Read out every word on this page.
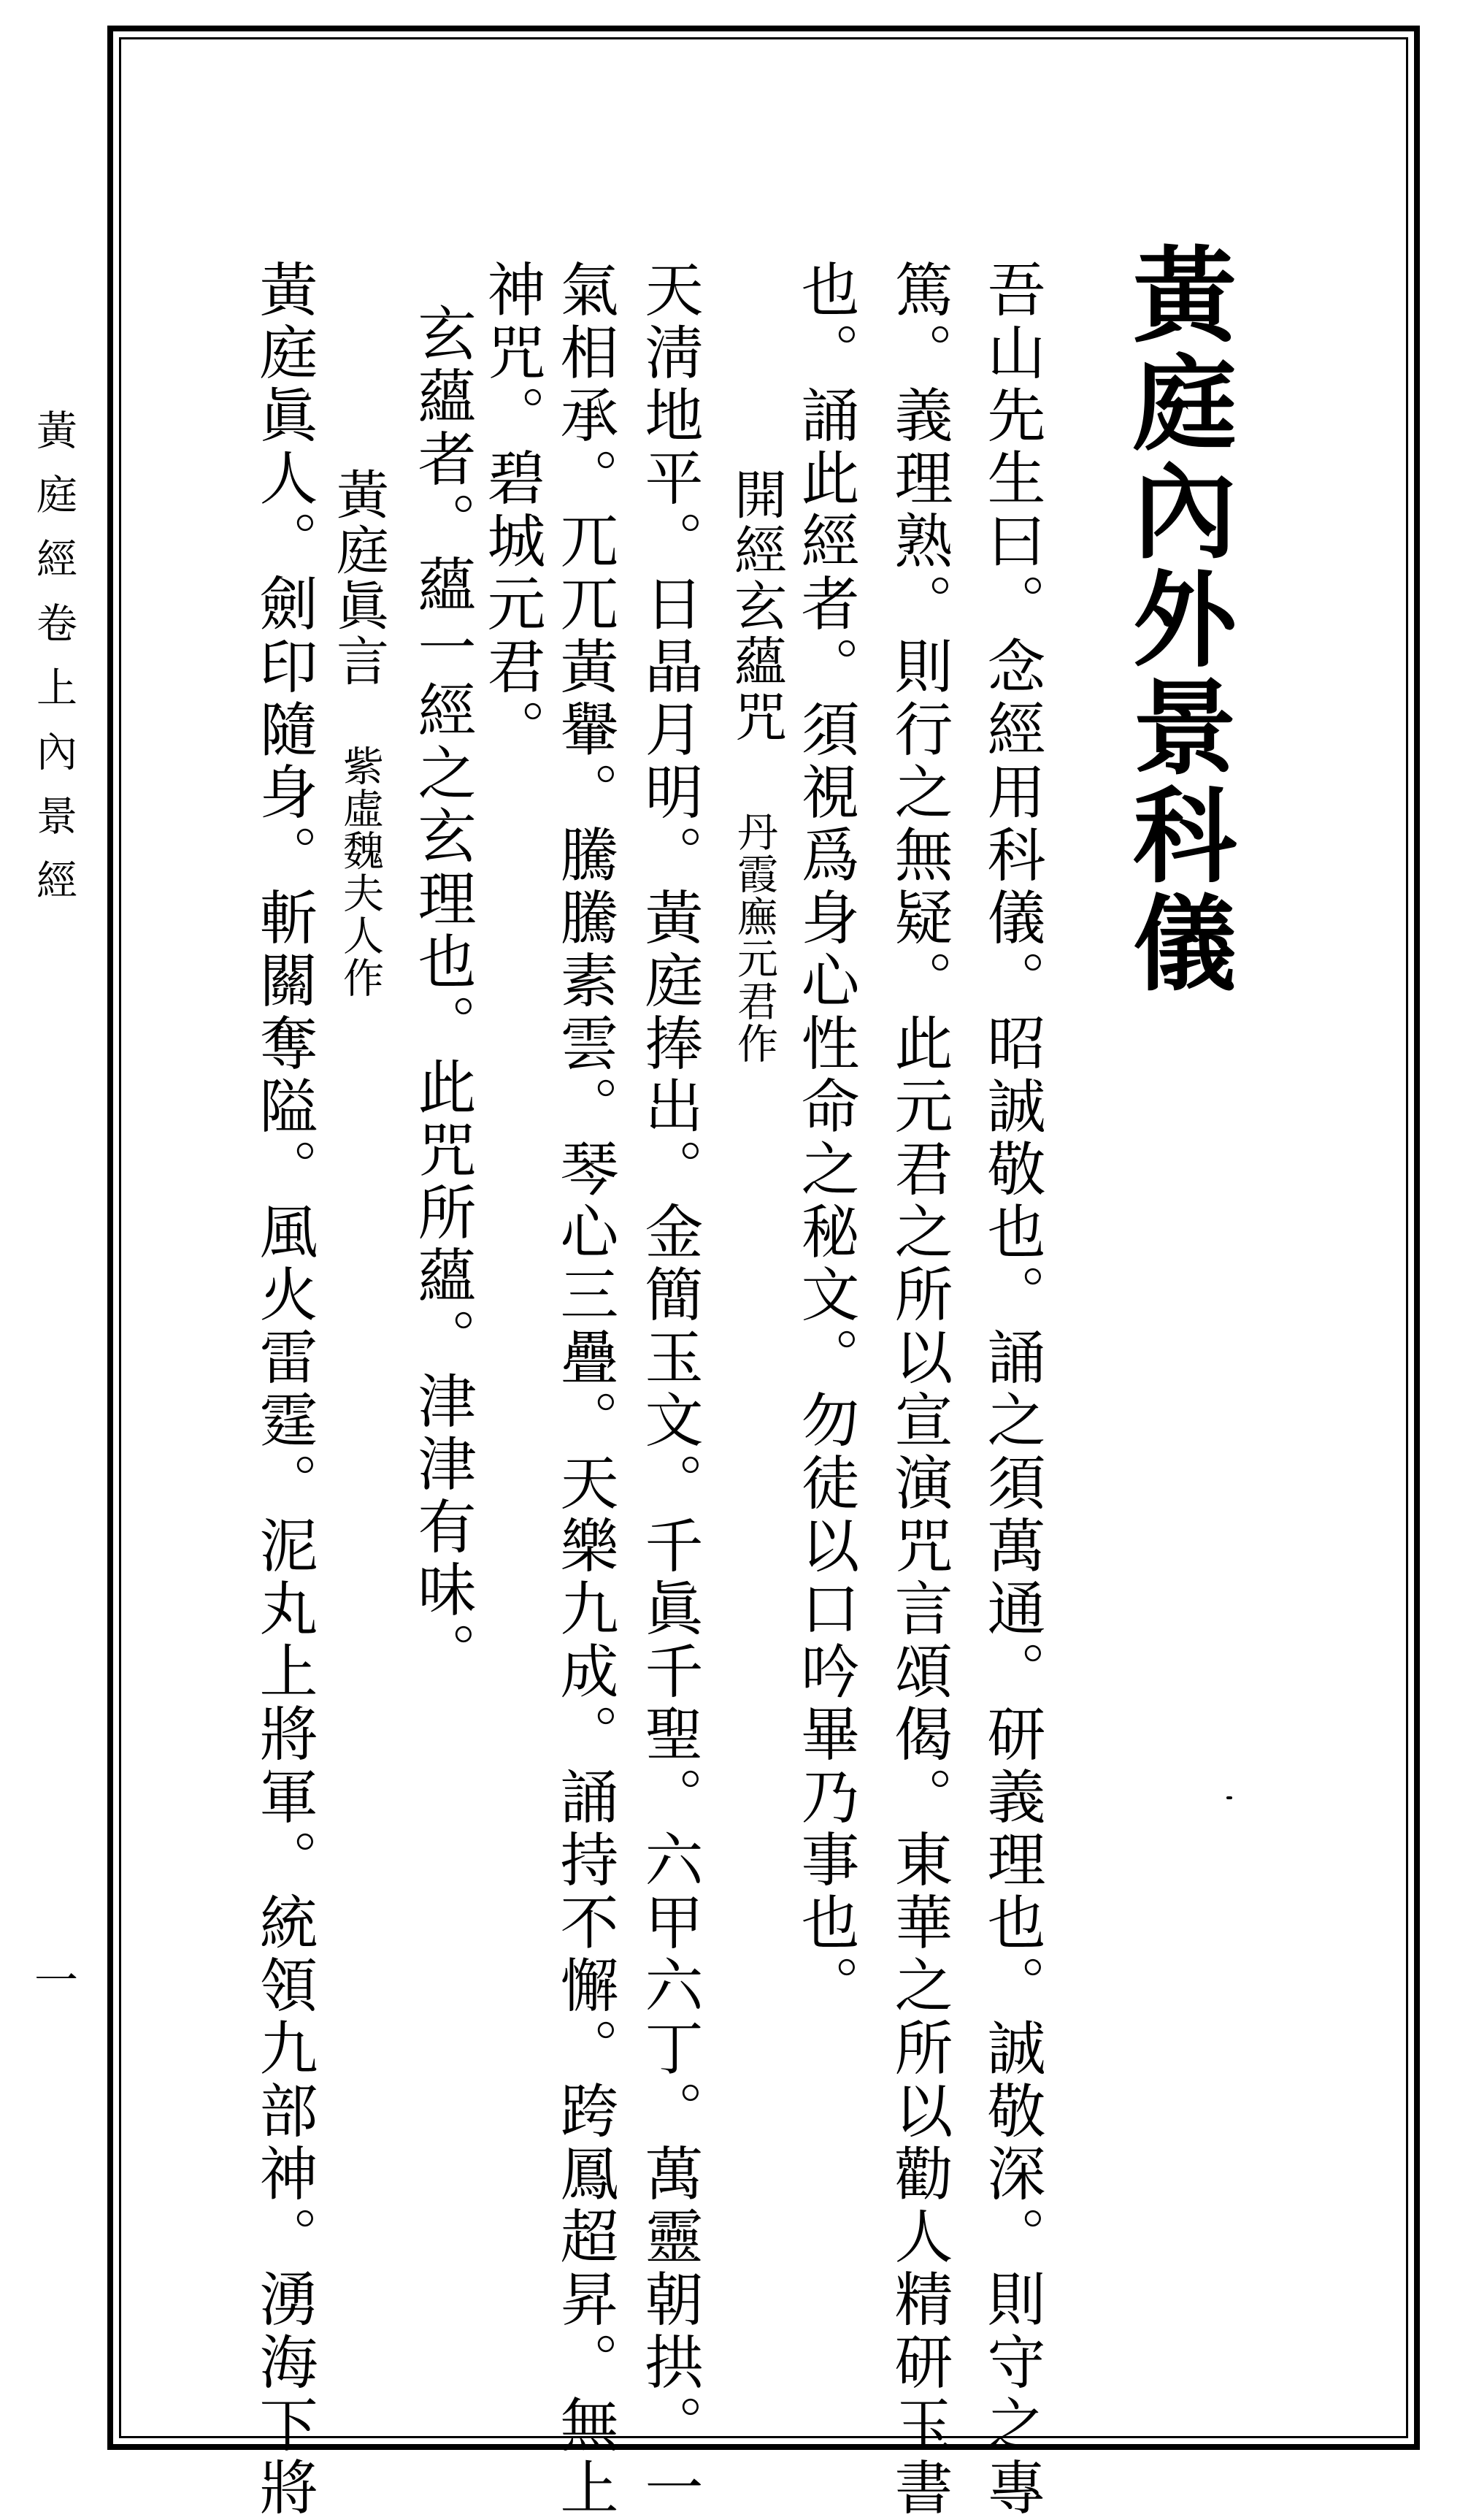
黃庭內外景科儀
吾山先生曰。念經用科儀。昭誠敬也。誦之須萬通。研義理也。誠敬深。則守之專
篤。義理熟。則行之無疑。此元君之所以宣演咒言頌偈。東華之所以勸人精研玉書
也。誦此經者。須視爲身心性命之秘文。勿徒以口吟畢乃事也。
開經玄蘊咒
丹霞廡元君作
天淸地平。日晶月明。黃庭捧出。金簡玉文。千眞千聖。六甲六丁。萬靈朝拱。一
氣相承。兀兀黃轝。騰騰素雲。琴心三疊。天樂九成。誦持不懈。跨鳳超昇。無上
神咒。碧城元君。
玄蘊者。蘊一經之玄理也。此咒所蘊。津津有味。
黃庭眞言
紫虛魏夫人作
黃庭眞人。劍印隨身。斬關奪隘。風火雷霆。泥丸上將軍。統領九部神。湧海下將
黃庭經卷上內景經
一
